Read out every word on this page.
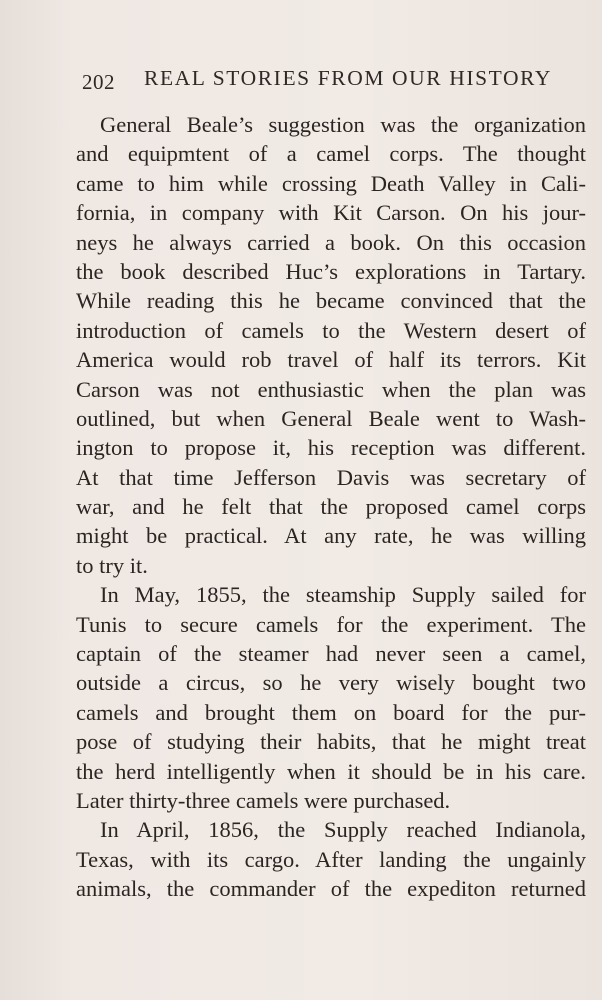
202 REAL STORIES FROM OUR HISTORY
General Beale’s suggestion was the organization
and equipmtent of a camel corps. The thought
came to him while crossing Death Valley in Cali-
fornia, in company with Kit Carson. On his jour-
neys he always carried a book. On this occasion
the book described Huc’s explorations in Tartary.
While reading this he became convinced that the
introduction of camels to the Western desert of
America would rob travel of half its terrors. Kit
Carson was not enthusiastic when the plan was
outlined, but when General Beale went to Wash-
ington to propose it, his reception was different.
At that time Jefferson Davis was secretary of
war, and he felt that the proposed camel corps
might be practical. At any rate, he was willing
to try it.
In May, 1855, the steamship Supply sailed for
Tunis to secure camels for the experiment. The
captain of the steamer had never seen a camel,
outside a circus, so he very wisely bought two
camels and brought them on board for the pur-
pose of studying their habits, that he might treat
the herd intelligently when it should be in his care.
Later thirty-three camels were purchased.
In April, 1856, the Supply reached Indianola,
Texas, with its cargo. After landing the ungainly
animals, the commander of the expediton returned
